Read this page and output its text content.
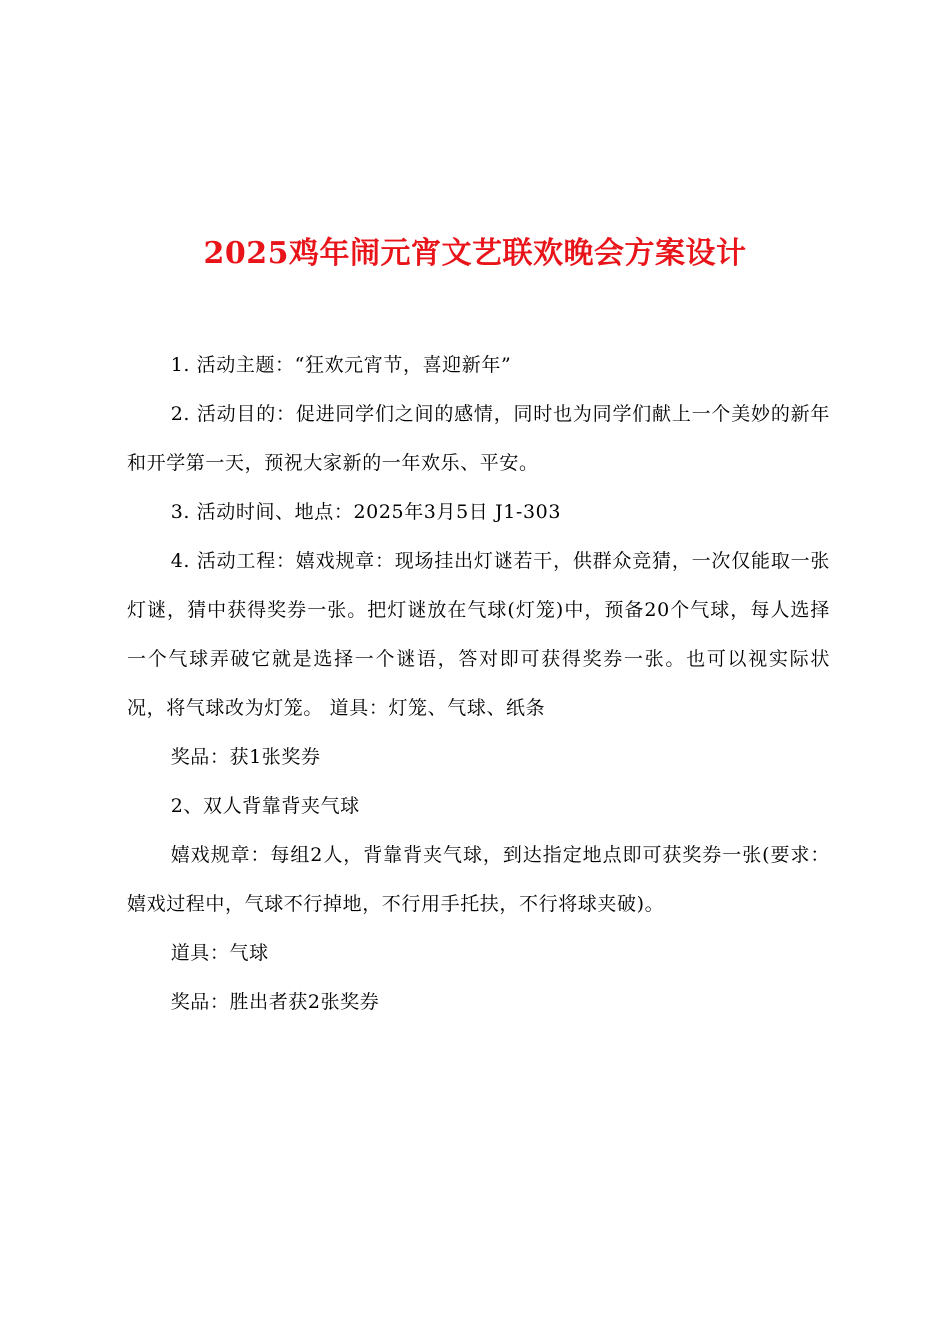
2025鸡年闹元宵文艺联欢晚会方案设计

1. 活动主题：“狂欢元宵节，喜迎新年”

2. 活动目的：促进同学们之间的感情，同时也为同学们献上一个美妙的新年和开学第一天，预祝大家新的一年欢乐、平安。

3. 活动时间、地点：2025年3月5日 J1-303

4. 活动工程：嬉戏规章：现场挂出灯谜若干，供群众竞猜，一次仅能取一张灯谜，猜中获得奖券一张。把灯谜放在气球(灯笼)中，预备20个气球，每人选择一个气球弄破它就是选择一个谜语，答对即可获得奖券一张。也可以视实际状况，将气球改为灯笼。 道具：灯笼、气球、纸条

奖品：获1张奖券

2、双人背靠背夹气球

嬉戏规章：每组2人，背靠背夹气球，到达指定地点即可获奖券一张(要求：嬉戏过程中，气球不行掉地，不行用手托扶，不行将球夹破)。

道具：气球

奖品：胜出者获2张奖券
